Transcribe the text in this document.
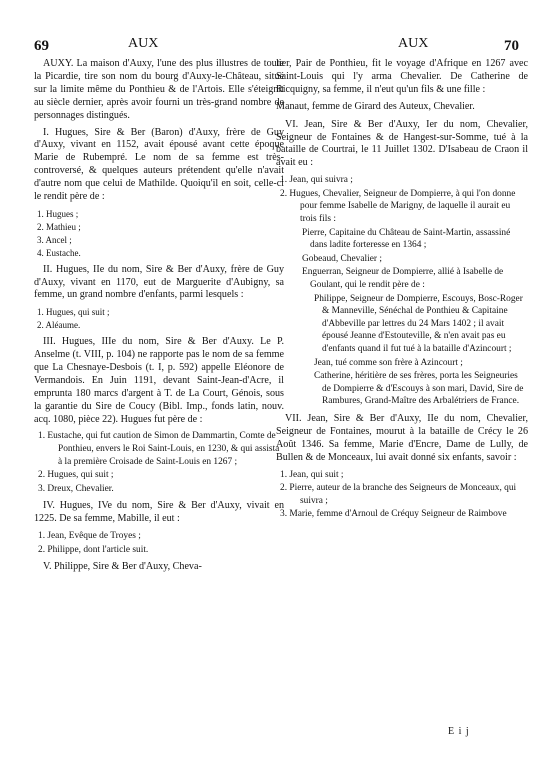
69	AUX	AUX	70

AUXY. La maison d'Auxy, l'une des plus illustres de toute la Picardie, tire son nom du bourg d'Auxy-le-Château, situé sur la limite même du Ponthieu & de l'Artois. Elle s'éteignit au siècle dernier, après avoir fourni un très-grand nombre de personnages distingués.

I. Hugues, Sire & Ber (Baron) d'Auxy, frère de Guy d'Auxy, vivant en 1152, avait épousé avant cette époque Marie de Rubempré. Le nom de sa femme est très-controversé, & quelques auteurs prétendent qu'elle n'avait d'autre nom que celui de Mathilde. Quoiqu'il en soit, celle-ci le rendit père de :

1. Hugues ;

2. Mathieu ;

3. Ancel ;

4. Eustache.

II. Hugues, IIe du nom, Sire & Ber d'Auxy, frère de Guy d'Auxy, vivant en 1170, eut de Marguerite d'Aubigny, sa femme, un grand nombre d'enfants, parmi lesquels :

1. Hugues, qui suit ;

2. Aléaume.

III. Hugues, IIIe du nom, Sire & Ber d'Auxy. Le P. Anselme (t. VIII, p. 104) ne rapporte pas le nom de sa femme que La Chesnaye-Desbois (t. I, p. 592) appelle Eléonore de Vermandois. En Juin 1191, devant Saint-Jean-d'Acre, il emprunta 180 marcs d'argent à T. de La Court, Génois, sous la garantie du Sire de Coucy (Bibl. Imp., fonds latin, nouv. acq. 1080, pièce 22). Hugues fut père de :

1. Eustache, qui fut caution de Simon de Dammartin, Comte de Ponthieu, envers le Roi Saint-Louis, en 1230, & qui assista à la première Croisade de Saint-Louis en 1267 ;

2. Hugues, qui suit ;

3. Dreux, Chevalier.

IV. Hugues, IVe du nom, Sire & Ber d'Auxy, vivait en 1225. De sa femme, Mabille, il eut :

1. Jean, Evêque de Troyes ;

2. Philippe, dont l'article suit.

V. Philippe, Sire & Ber d'Auxy, Cheva-

lier, Pair de Ponthieu, fit le voyage d'Afrique en 1267 avec Saint-Louis qui l'y arma Chevalier. De Catherine de Ricquigny, sa femme, il n'eut qu'un fils & une fille :

Manaut, femme de Girard des Auteux, Chevalier.

VI. Jean, Sire & Ber d'Auxy, Ier du nom, Chevalier, Seigneur de Fontaines & de Hangest-sur-Somme, tué à la bataille de Courtrai, le 11 Juillet 1302. D'Isabeau de Craon il avait eu :

1. Jean, qui suivra ;

2. Hugues, Chevalier, Seigneur de Dompierre, à qui l'on donne pour femme Isabelle de Marigny, de laquelle il aurait eu trois fils :

Pierre, Capitaine du Château de Saint-Martin, assassiné dans ladite forteresse en 1364 ;

Gobeaud, Chevalier ;

Enguerran, Seigneur de Dompierre, allié à Isabelle de Goulant, qui le rendit père de :

Philippe, Seigneur de Dompierre, Escouys, Bosc-Roger & Manneville, Sénéchal de Ponthieu & Capitaine d'Abbeville par lettres du 24 Mars 1402 ; il avait épousé Jeanne d'Estouteville, & n'en avait pas eu d'enfants quand il fut tué à la bataille d'Azincourt ;

Jean, tué comme son frère à Azincourt ;

Catherine, héritière de ses frères, porta les Seigneuries de Dompierre & d'Escouys à son mari, David, Sire de Rambures, Grand-Maître des Arbalétriers de France.

VII. Jean, Sire & Ber d'Auxy, IIe du nom, Chevalier, Seigneur de Fontaines, mourut à la bataille de Crécy le 26 Août 1346. Sa femme, Marie d'Encre, Dame de Lully, de Bullen & de Monceaux, lui avait donné six enfants, savoir :

1. Jean, qui suit ;

2. Pierre, auteur de la branche des Seigneurs de Monceaux, qui suivra ;

3. Marie, femme d'Arnoul de Créquy Seigneur de Raimbove

E i j
